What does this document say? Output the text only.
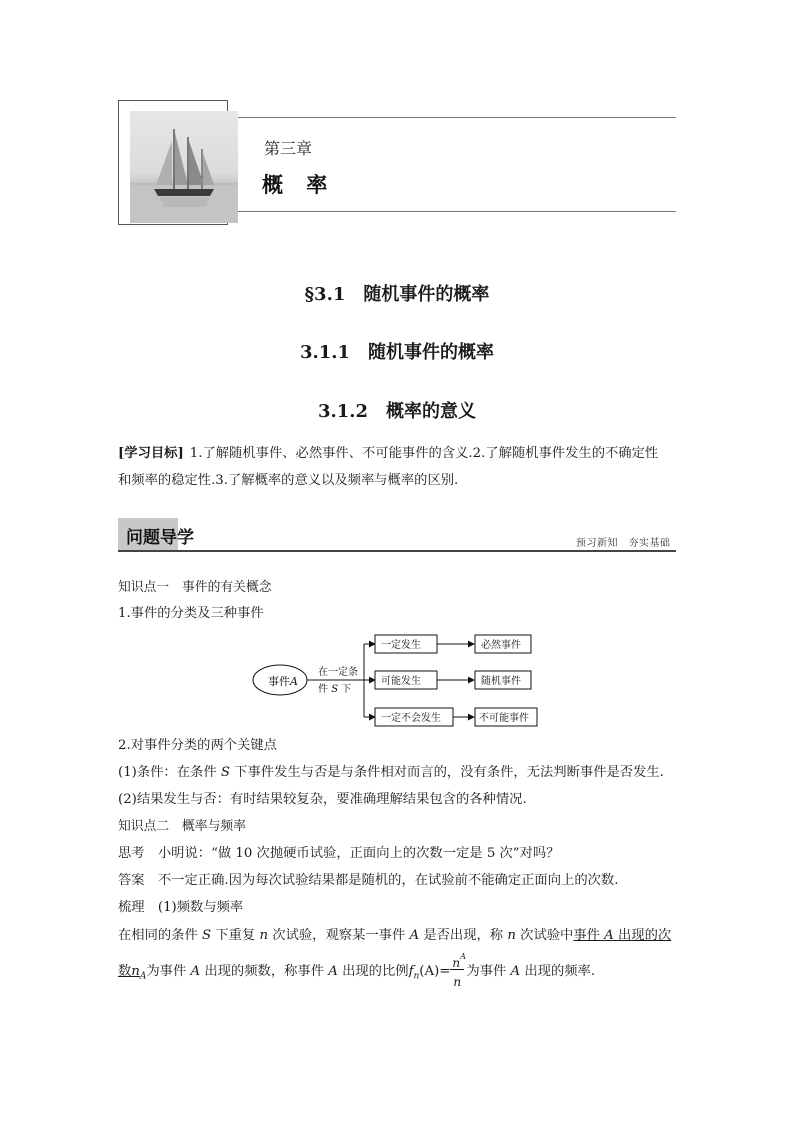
第三章
概 率
§3.1　随机事件的概率
3.1.1　随机事件的概率
3.1.2　概率的意义
[学习目标] 1.了解随机事件、必然事件、不可能事件的含义.2.了解随机事件发生的不确定性
和频率的稳定性.3.了解概率的意义以及频率与概率的区别.
问题导学	预习新知　夯实基础
知识点一　事件的有关概念
1.事件的分类及三种事件
事件A
在一定条
件 S 下
一定发生
可能发生
一定不会发生
必然事件
随机事件
不可能事件
2.对事件分类的两个关键点
(1)条件：在条件 S 下事件发生与否是与条件相对而言的，没有条件，无法判断事件是否发生.
(2)结果发生与否：有时结果较复杂，要准确理解结果包含的各种情况.
知识点二　概率与频率
思考　小明说：“做 10 次抛硬币试验，正面向上的次数一定是 5 次”对吗？
答案　不一定正确.因为每次试验结果都是随机的，在试验前不能确定正面向上的次数.
梳理　(1)频数与频率
在相同的条件 S 下重复 n 次试验，观察某一事件 A 是否出现，称 n 次试验中事件 A 出现的次
数$n_A$为事件 A 出现的频数，称事件 A 出现的比例$f_n(A)=$
$n^A$
n
为事件 A 出现的频率.
